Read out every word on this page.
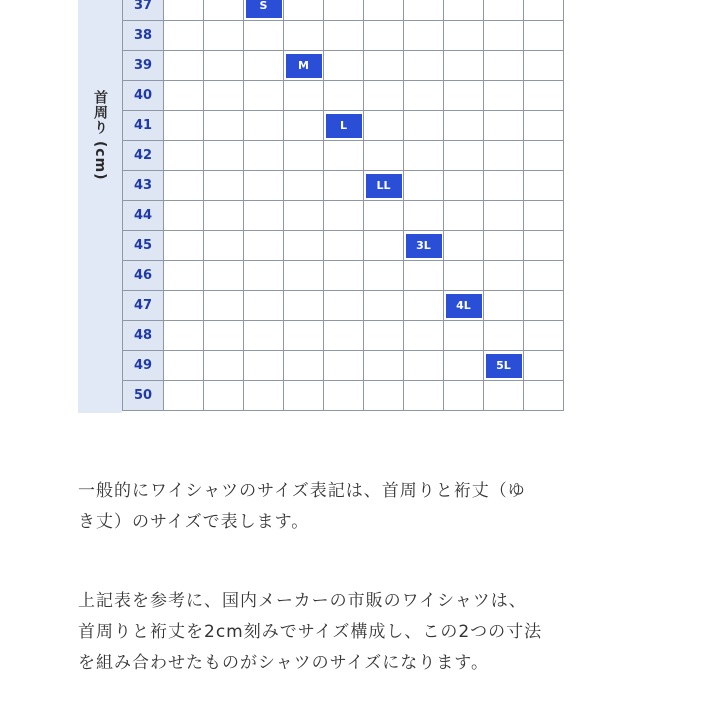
首周り (cm)
37			S							
38										
39				M						
40										
41					L					
42										
43						LL				
44										
45							3L			
46										
47								4L		
48										
49									5L	
50										
一般的にワイシャツのサイズ表記は、首周りと裄丈（ゆ
き丈）のサイズで表します。
上記表を参考に、国内メーカーの市販のワイシャツは、
首周りと裄丈を2cm刻みでサイズ構成し、この2つの寸法
を組み合わせたものがシャツのサイズになります。
